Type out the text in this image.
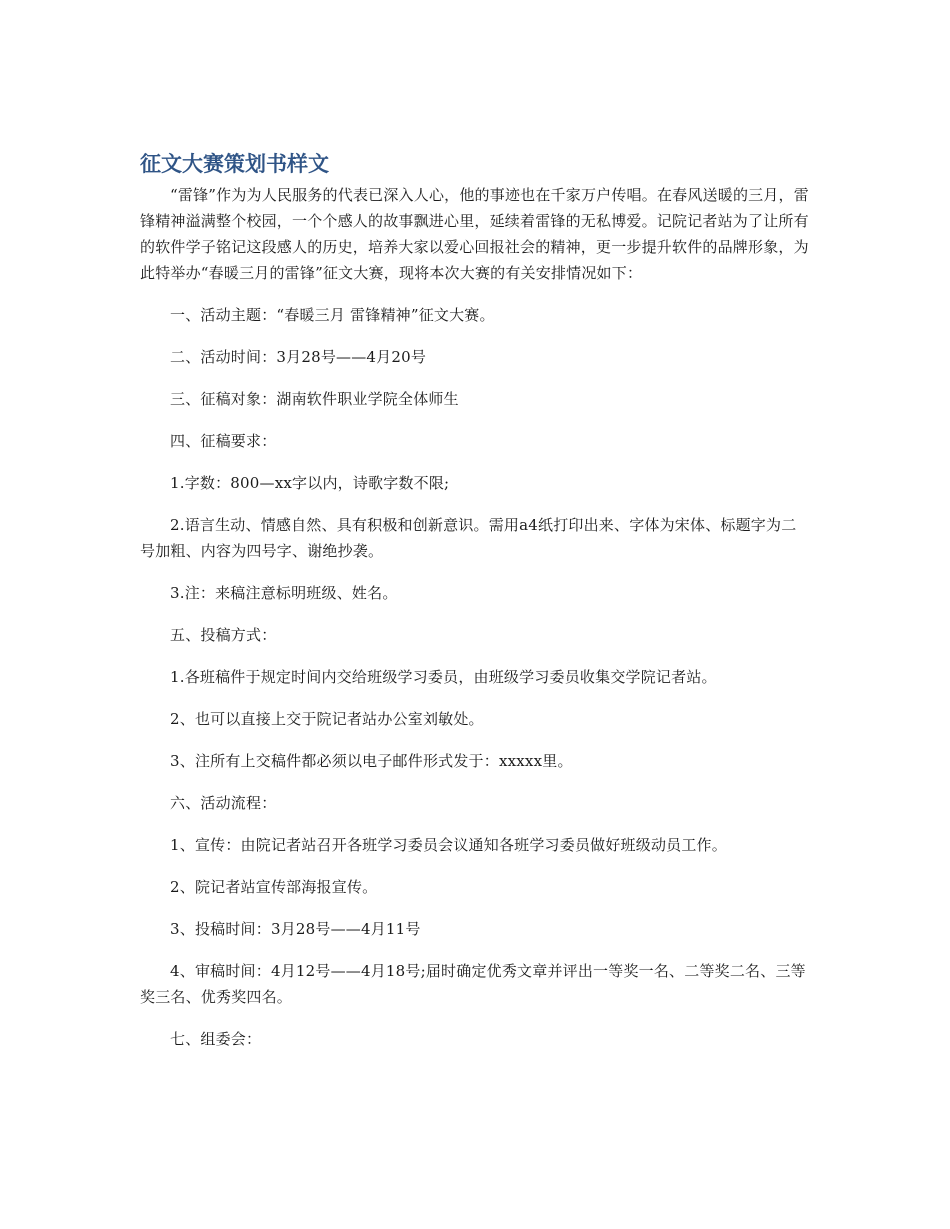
征文大赛策划书样文

“雷锋”作为为人民服务的代表已深入人心，他的事迹也在千家万户传唱。在春风送暖的三月，雷锋精神溢满整个校园，一个个感人的故事飘进心里，延续着雷锋的无私博爱。记院记者站为了让所有的软件学子铭记这段感人的历史，培养大家以爱心回报社会的精神，更一步提升软件的品牌形象，为此特举办“春暖三月的雷锋”征文大赛，现将本次大赛的有关安排情况如下：

一、活动主题：“春暖三月 雷锋精神”征文大赛。

二、活动时间：3月28号——4月20号

三、征稿对象：湖南软件职业学院全体师生

四、征稿要求：

1.字数：800—xx字以内，诗歌字数不限;

2.语言生动、情感自然、具有积极和创新意识。需用a4纸打印出来、字体为宋体、标题字为二号加粗、内容为四号字、谢绝抄袭。

3.注：来稿注意标明班级、姓名。

五、投稿方式：

1.各班稿件于规定时间内交给班级学习委员，由班级学习委员收集交学院记者站。

2、也可以直接上交于院记者站办公室刘敏处。

3、注所有上交稿件都必须以电子邮件形式发于：xxxxx里。

六、活动流程：

1、宣传：由院记者站召开各班学习委员会议通知各班学习委员做好班级动员工作。

2、院记者站宣传部海报宣传。

3、投稿时间：3月28号——4月11号

4、审稿时间：4月12号——4月18号;届时确定优秀文章并评出一等奖一名、二等奖二名、三等奖三名、优秀奖四名。

七、组委会：
